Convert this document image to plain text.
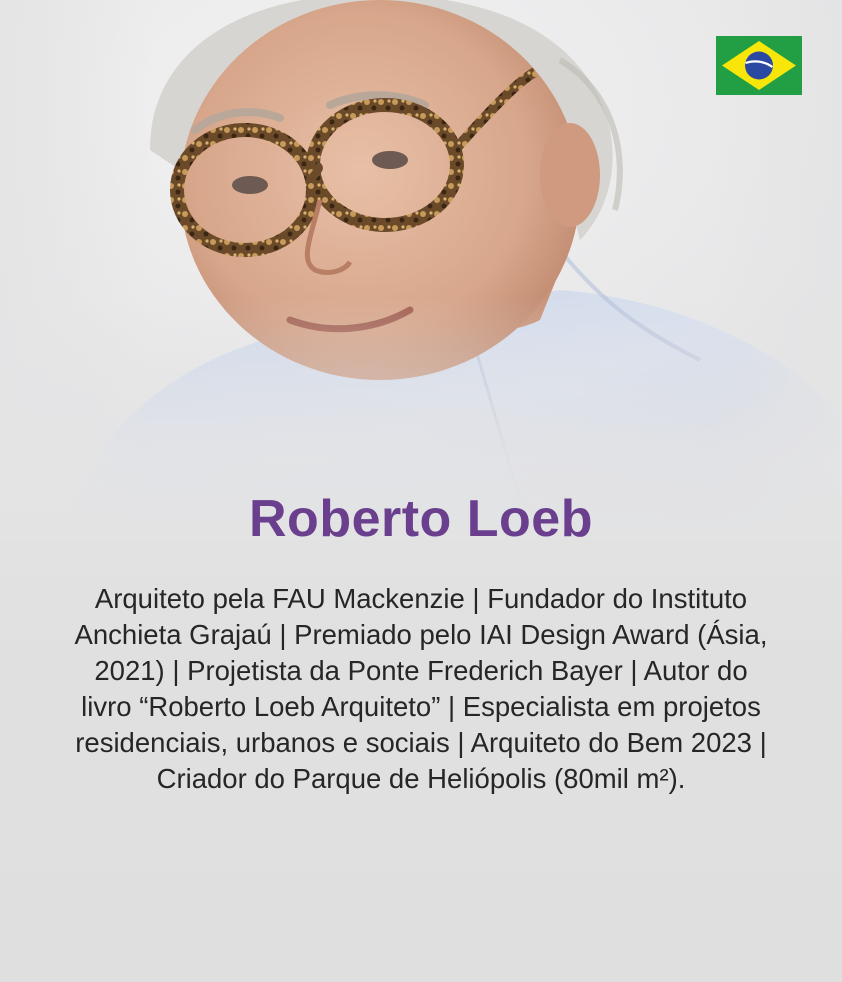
Roberto Loeb

Arquiteto pela FAU Mackenzie | Fundador do Instituto Anchieta Grajaú | Premiado pelo IAI Design Award (Ásia, 2021) | Projetista da Ponte Frederich Bayer | Autor do livro “Roberto Loeb Arquiteto” | Especialista em projetos residenciais, urbanos e sociais | Arquiteto do Bem 2023 | Criador do Parque de Heliópolis (80mil m²).
